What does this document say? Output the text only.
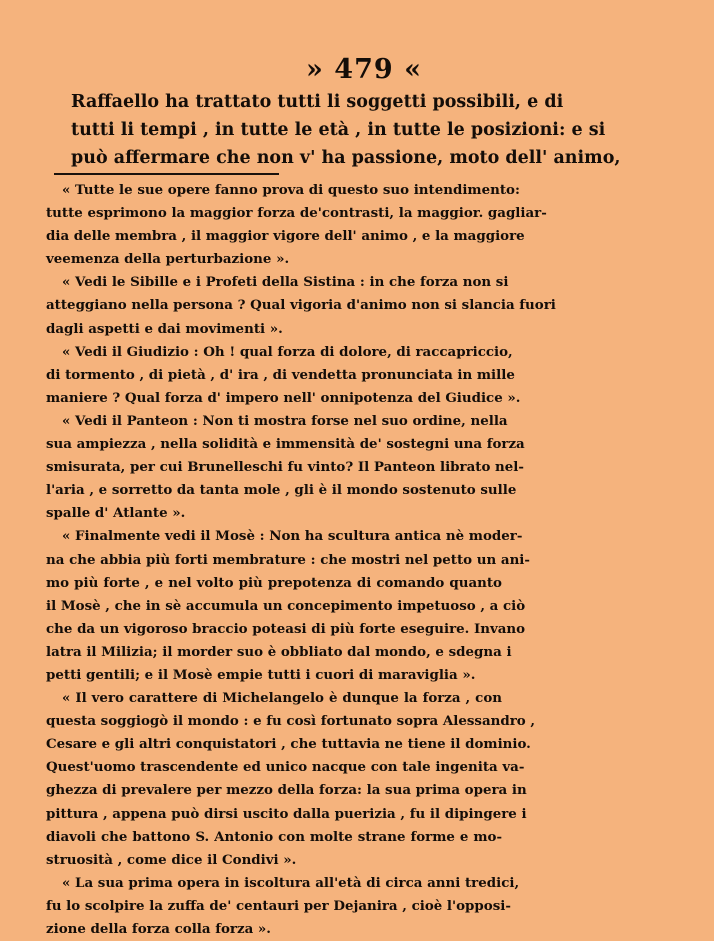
» 479 «
Raffaello ha trattato tutti li soggetti possibili, e di
tutti li tempi , in tutte le età , in tutte le posizioni: e si
può affermare che non v' ha passione, moto dell' animo,
« Tutte le sue opere fanno prova di questo suo intendimento:
tutte esprimono la maggior forza de'contrasti, la maggior. gagliar-
dia delle membra , il maggior vigore dell' animo , e la maggiore
veemenza della perturbazione ».
« Vedi le Sibille e i Profeti della Sistina : in che forza non si
atteggiano nella persona ? Qual vigoria d'animo non si slancia fuori
dagli aspetti e dai movimenti ».
« Vedi il Giudizio : Oh ! qual forza di dolore, di raccapriccio,
di tormento , di pietà , d' ira , di vendetta pronunciata in mille
maniere ? Qual forza d' impero nell' onnipotenza del Giudice ».
« Vedi il Panteon : Non ti mostra forse nel suo ordine, nella
sua ampiezza , nella solidità e immensità de' sostegni una forza
smisurata, per cui Brunelleschi fu vinto? Il Panteon librato nel-
l'aria , e sorretto da tanta mole , gli è il mondo sostenuto sulle
spalle d' Atlante ».
« Finalmente vedi il Mosè : Non ha scultura antica nè moder-
na che abbia più forti membrature : che mostri nel petto un ani-
mo più forte , e nel volto più prepotenza di comando quanto
il Mosè , che in sè accumula un concepimento impetuoso , a ciò
che da un vigoroso braccio poteasi di più forte eseguire. Invano
latra il Milizia; il morder suo è obbliato dal mondo, e sdegna i
petti gentili; e il Mosè empie tutti i cuori di maraviglia ».
« Il vero carattere di Michelangelo è dunque la forza , con
questa soggiogò il mondo : e fu così fortunato sopra Alessandro ,
Cesare e gli altri conquistatori , che tuttavia ne tiene il dominio.
Quest'uomo trascendente ed unico nacque con tale ingenita va-
ghezza di prevalere per mezzo della forza: la sua prima opera in
pittura , appena può dirsi uscito dalla puerizia , fu il dipingere i
diavoli che battono S. Antonio con molte strane forme e mo-
struosità , come dice il Condivi ».
« La sua prima opera in iscoltura all'età di circa anni tredici,
fu lo scolpire la zuffa de' centauri per Dejanira , cioè l'opposi-
zione della forza colla forza ».
